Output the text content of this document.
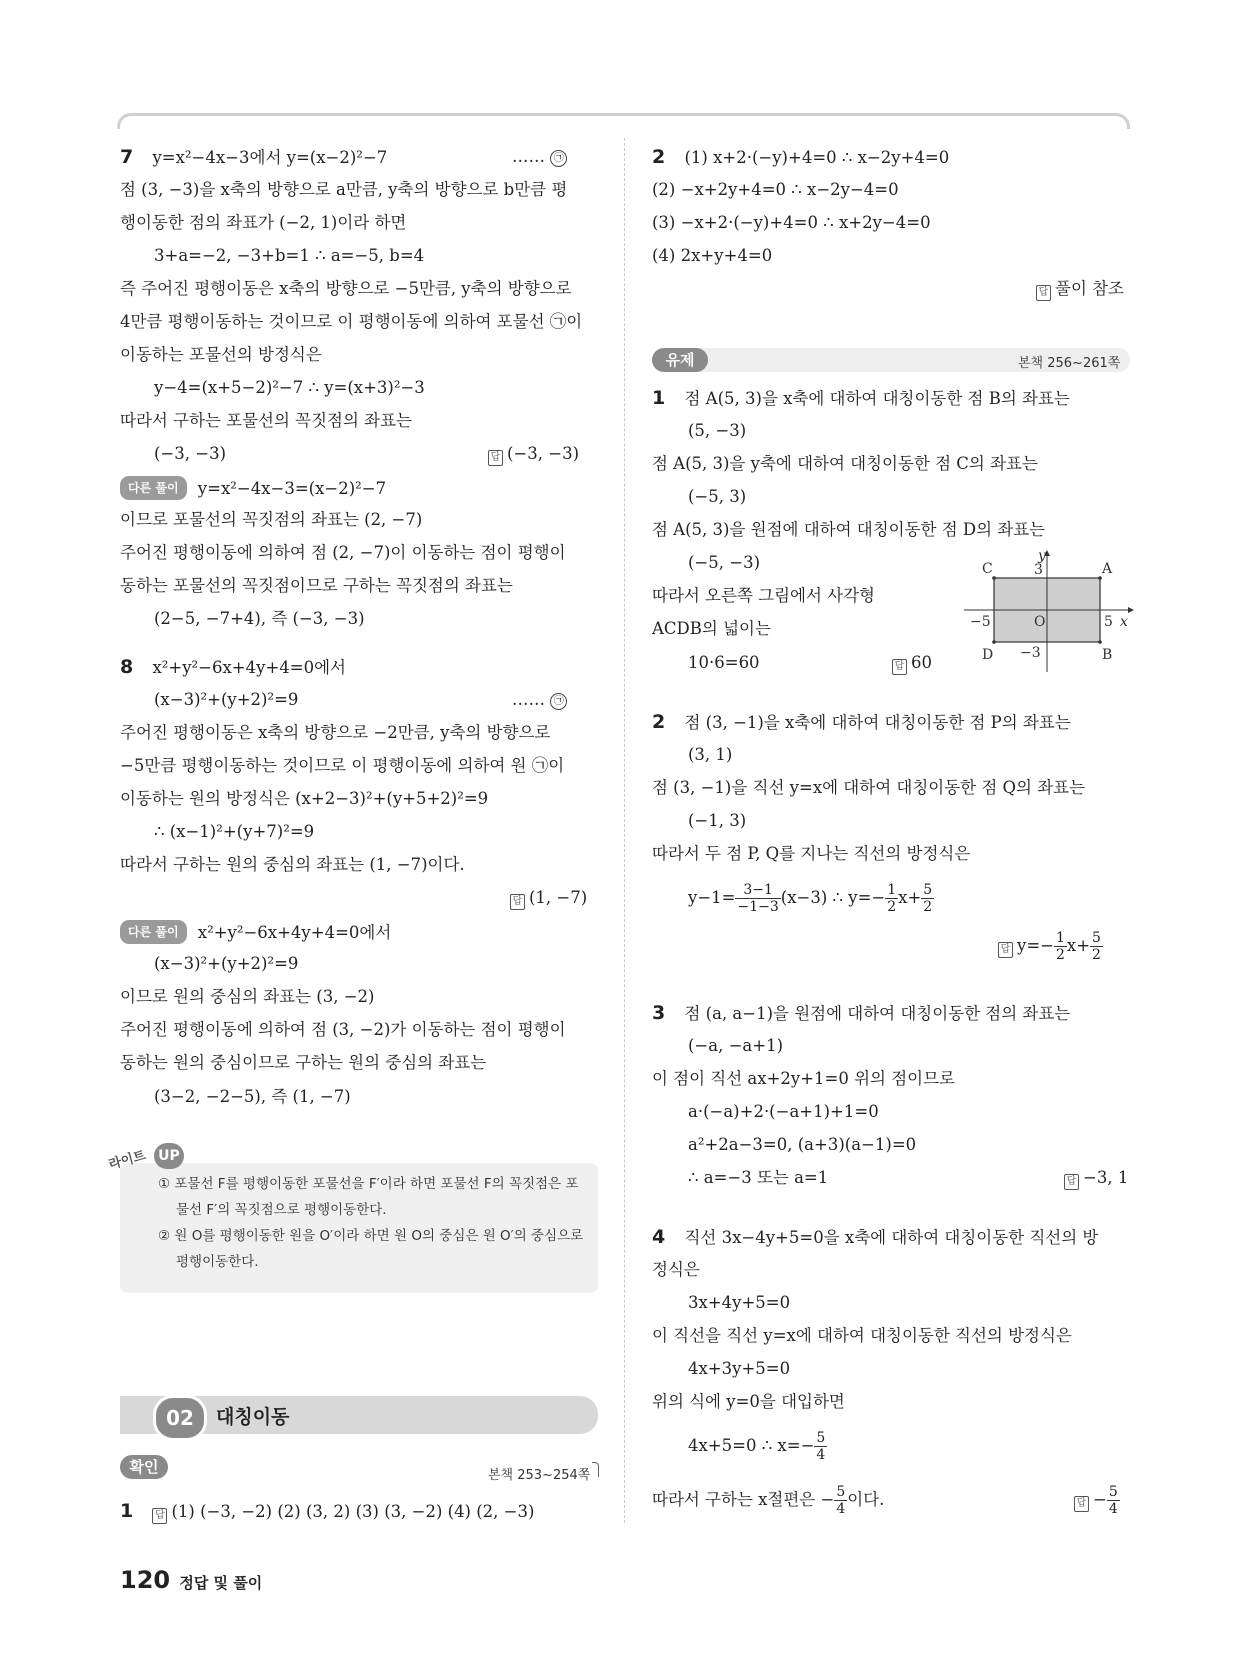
7 y=x²−4x−3에서 y=(x−2)²−7	…… ㉠
점 (3, −3)을 x축의 방향으로 a만큼, y축의 방향으로 b만큼 평
행이동한 점의 좌표가 (−2, 1)이라 하면
3+a=−2, −3+b=1 ∴ a=−5, b=4
즉 주어진 평행이동은 x축의 방향으로 −5만큼, y축의 방향으로
4만큼 평행이동하는 것이므로 이 평행이동에 의하여 포물선 ㉠이
이동하는 포물선의 방정식은
y−4=(x+5−2)²−7 ∴ y=(x+3)²−3
따라서 구하는 포물선의 꼭짓점의 좌표는
(−3, −3)	답 (−3, −3)
다른 풀이 y=x²−4x−3=(x−2)²−7
이므로 포물선의 꼭짓점의 좌표는 (2, −7)
주어진 평행이동에 의하여 점 (2, −7)이 이동하는 점이 평행이
동하는 포물선의 꼭짓점이므로 구하는 꼭짓점의 좌표는
(2−5, −7+4), 즉 (−3, −3)
8 x²+y²−6x+4y+4=0에서
(x−3)²+(y+2)²=9	…… ㉠
주어진 평행이동은 x축의 방향으로 −2만큼, y축의 방향으로
−5만큼 평행이동하는 것이므로 이 평행이동에 의하여 원 ㉠이
이동하는 원의 방정식은 (x+2−3)²+(y+5+2)²=9
∴ (x−1)²+(y+7)²=9
따라서 구하는 원의 중심의 좌표는 (1, −7)이다.
답 (1, −7)
다른 풀이 x²+y²−6x+4y+4=0에서
(x−3)²+(y+2)²=9
이므로 원의 중심의 좌표는 (3, −2)
주어진 평행이동에 의하여 점 (3, −2)가 이동하는 점이 평행이
동하는 원의 중심이므로 구하는 원의 중심의 좌표는
(3−2, −2−5), 즉 (1, −7)
① 포물선 F를 평행이동한 포물선을 F′이라 하면 포물선 F의 꼭짓점은 포
물선 F′의 꼭짓점으로 평행이동한다.
② 원 O를 평행이동한 원을 O′이라 하면 원 O의 중심은 원 O′의 중심으로
평행이동한다.
라이트 UP
02	대칭이동
확인	본책 253~254쪽
1 답 (1) (−3, −2) (2) (3, 2) (3) (3, −2) (4) (2, −3)
2 (1) x+2·(−y)+4=0 ∴ x−2y+4=0
(2) −x+2y+4=0 ∴ x−2y−4=0
(3) −x+2·(−y)+4=0 ∴ x+2y−4=0
(4) 2x+y+4=0
답 풀이 참조
유제	본책 256~261쪽
1 점 A(5, 3)을 x축에 대하여 대칭이동한 점 B의 좌표는
(5, −3)
점 A(5, 3)을 y축에 대하여 대칭이동한 점 C의 좌표는
(−5, 3)
점 A(5, 3)을 원점에 대하여 대칭이동한 점 D의 좌표는
(−5, −3)
따라서 오른쪽 그림에서 사각형
ACDB의 넓이는
10·6=60	답 60
C	A
D	B
O	x
y
3
−3
5
−5
2 점 (3, −1)을 x축에 대하여 대칭이동한 점 P의 좌표는
(3, 1)
점 (3, −1)을 직선 y=x에 대하여 대칭이동한 점 Q의 좌표는
(−1, 3)
따라서 두 점 P, Q를 지나는 직선의 방정식은
$y-1= \frac{3-1}{-1-3} (x-3)$ ∴ $y=- \frac{1}{2} x+ \frac{5}{2}$
답 $y=- \frac{1}{2} x+ \frac{5}{2}$
3 점 (a, a−1)을 원점에 대하여 대칭이동한 점의 좌표는
(−a, −a+1)
이 점이 직선 ax+2y+1=0 위의 점이므로
a·(−a)+2·(−a+1)+1=0
a²+2a−3=0, (a+3)(a−1)=0
∴ a=−3 또는 a=1	답 −3, 1
4 직선 3x−4y+5=0을 x축에 대하여 대칭이동한 직선의 방
정식은
3x+4y+5=0
이 직선을 직선 y=x에 대하여 대칭이동한 직선의 방정식은
4x+3y+5=0
위의 식에 y=0을 대입하면
4x+5=0 ∴ $x=- \frac{5}{4}$
따라서 구하는 x절편은 − $\frac{5}{4}$ 이다.	답 − $\frac{5}{4}$
120 정답 및 풀이
